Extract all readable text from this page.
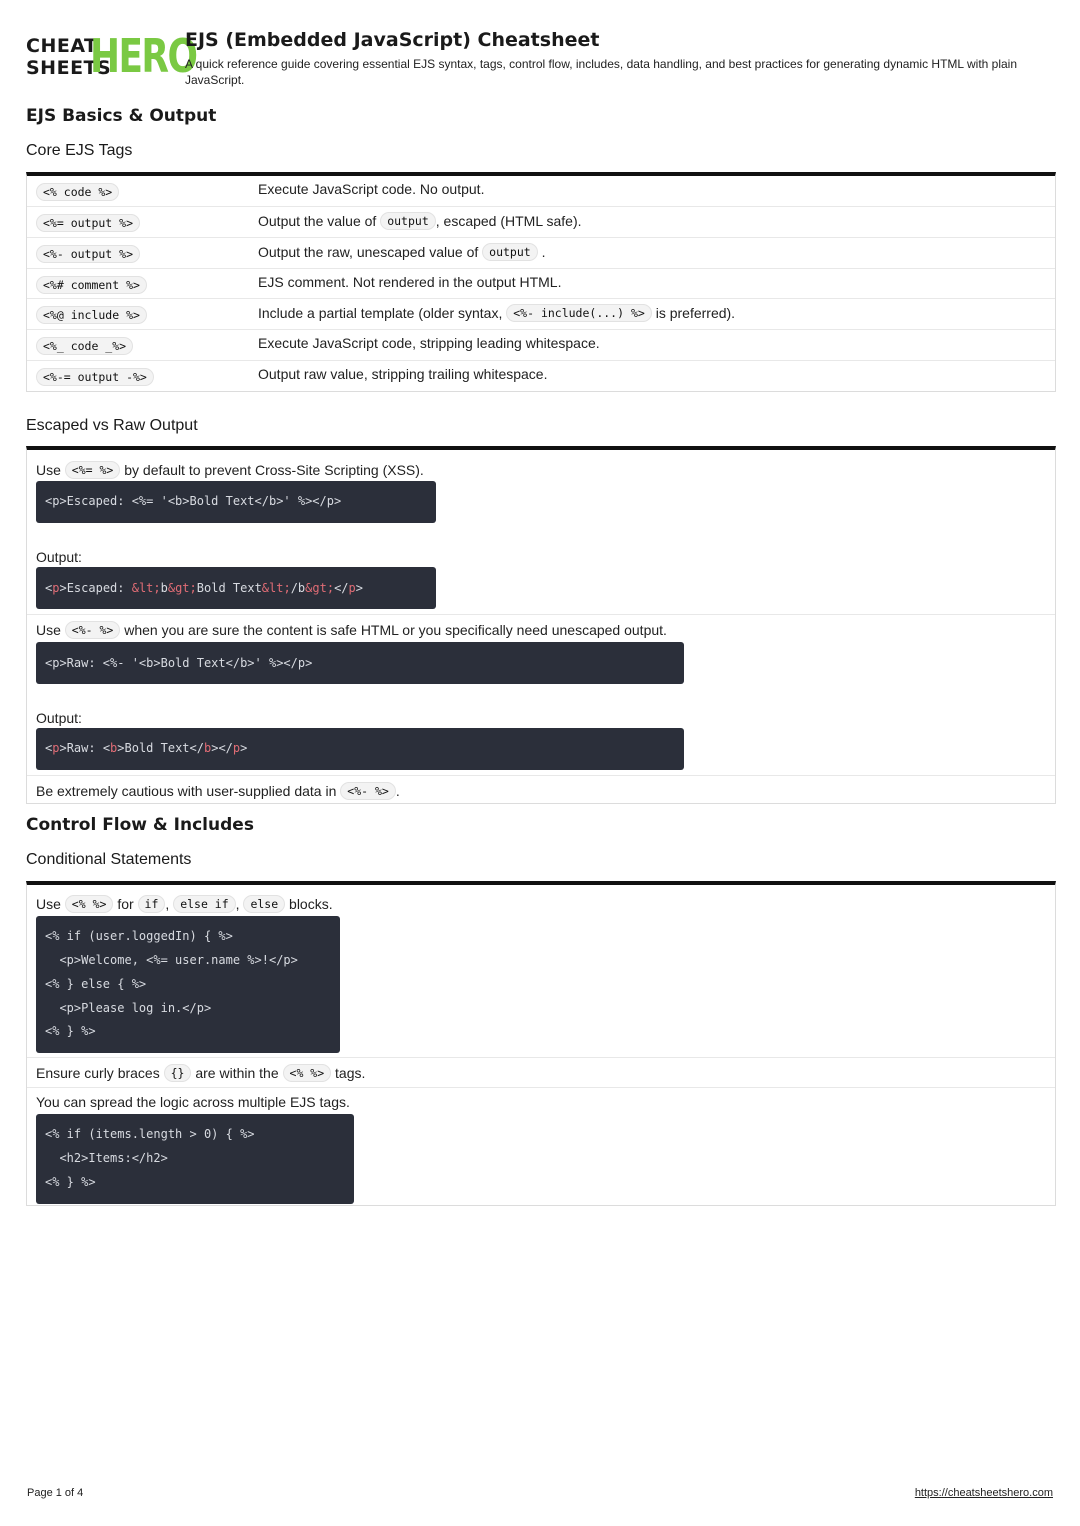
CHEAT
SHEETS
HERO
EJS (Embedded JavaScript) Cheatsheet
A quick reference guide covering essential EJS syntax, tags, control flow, includes, data handling, and best practices for generating dynamic HTML with plain JavaScript.
EJS Basics & Output
Core EJS Tags
<% code %>	Execute JavaScript code. No output.
<%= output %>	Output the value of output , escaped (HTML safe).
<%- output %>	Output the raw, unescaped value of output .
<%# comment %>	EJS comment. Not rendered in the output HTML.
<%@ include %>	Include a partial template (older syntax, <%- include(...) %> is preferred).
<%_ code _%>	Execute JavaScript code, stripping leading whitespace.
<%-= output -%>	Output raw value, stripping trailing whitespace.
Escaped vs Raw Output
Use <%= %> by default to prevent Cross-Site Scripting (XSS).

<p>Escaped: <%= '<b>Bold Text</b>' %></p>

Output:

<p>Escaped: &lt;b&gt;Bold Text&lt;/b&gt;</p>

Use <%- %> when you are sure the content is safe HTML or you specifically need unescaped output.

<p>Raw: <%- '<b>Bold Text</b>' %></p>

Output:

<p>Raw: <b>Bold Text</b></p>

Be extremely cautious with user-supplied data in <%- %> .
Control Flow & Includes
Conditional Statements
Use <% %> for if , else if , else blocks.

<% if (user.loggedIn) { %>

<p>Welcome, <%= user.name %>!</p>

<% } else { %>

<p>Please log in.</p>

<% } %>

Ensure curly braces {} are within the <% %> tags.
You can spread the logic across multiple EJS tags.

<% if (items.length > 0) { %>

<h2>Items:</h2>

<% } %>

Page 1 of 4	https://cheatsheetshero.com
